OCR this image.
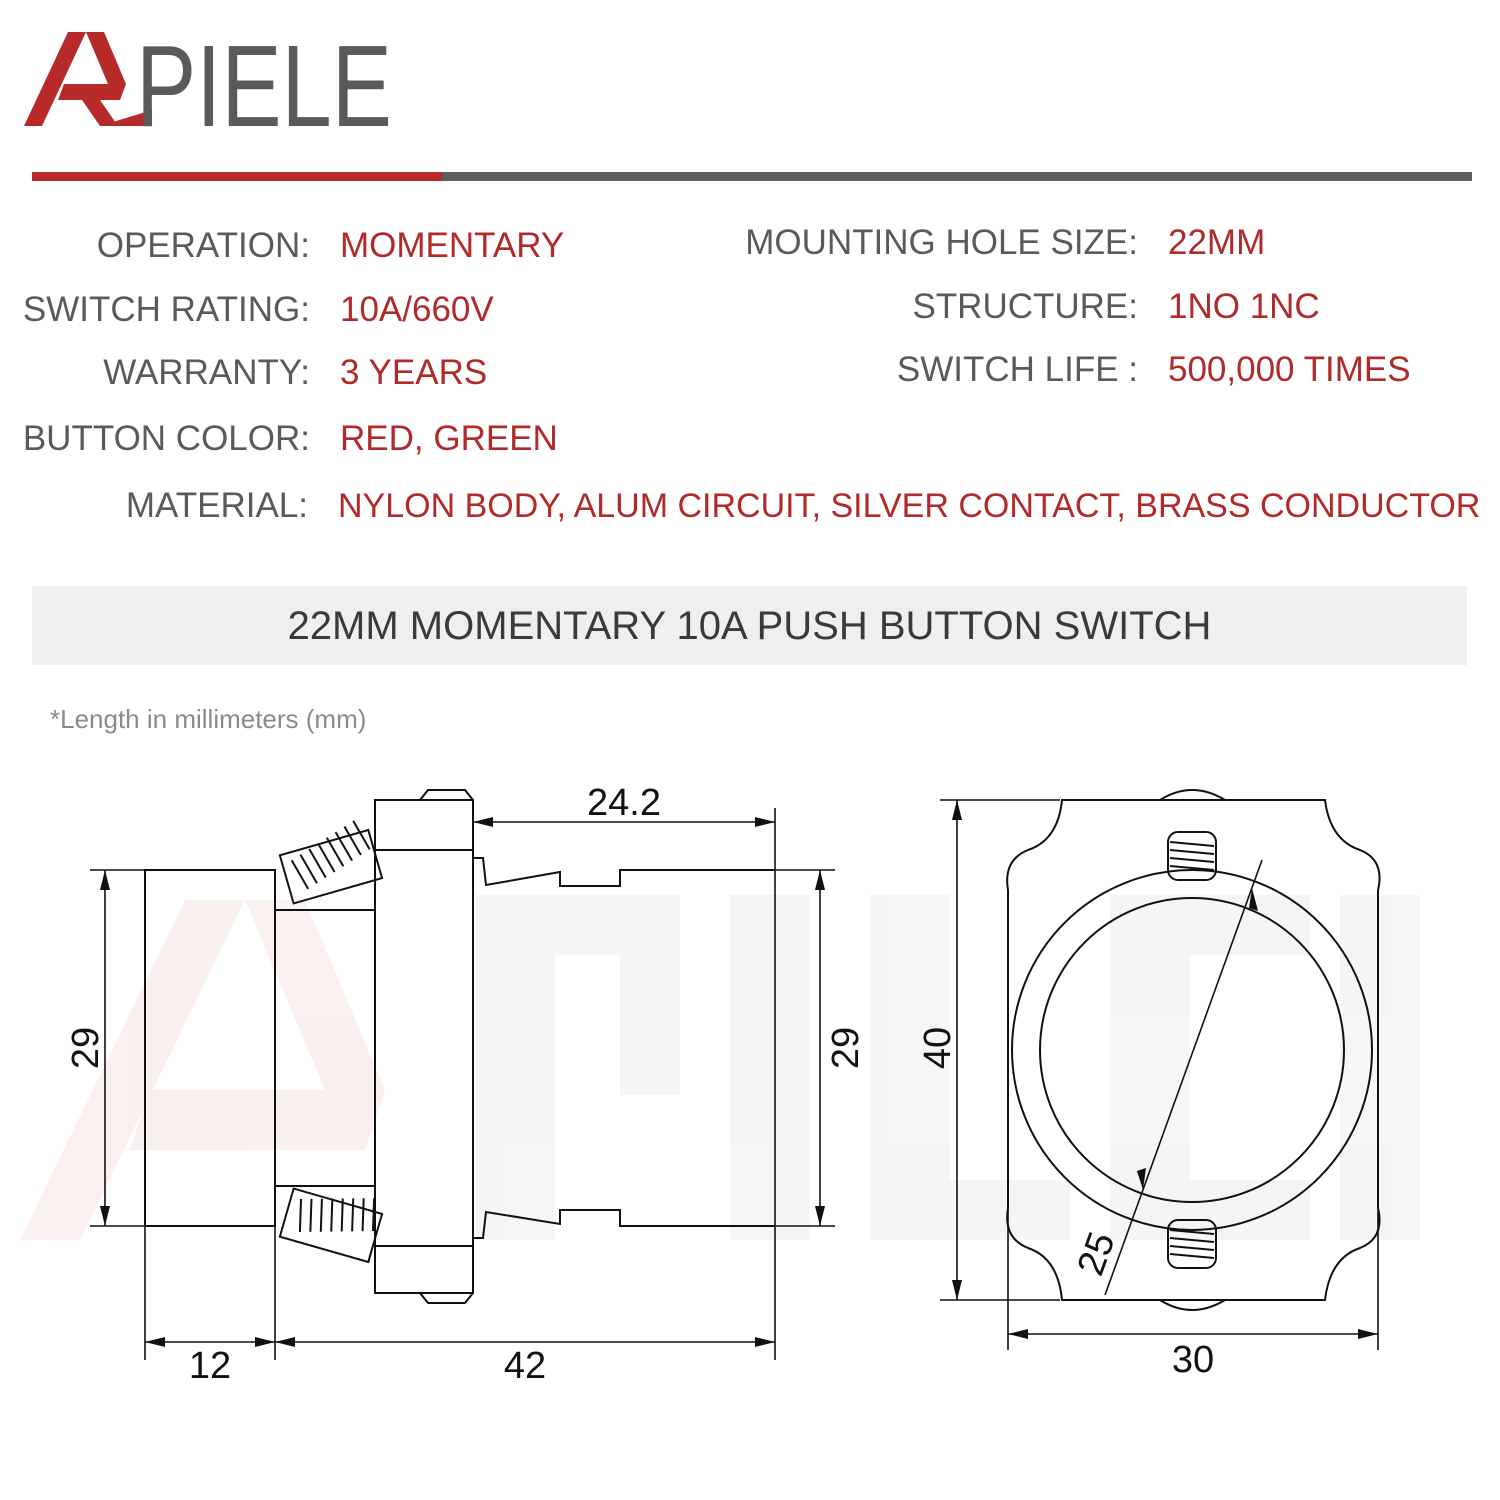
PIELE
OPERATION: MOMENTARY
SWITCH RATING: 10A/660V
WARRANTY: 3 YEARS
BUTTON COLOR: RED, GREEN
MATERIAL: NYLON BODY, ALUM CIRCUIT, SILVER CONTACT, BRASS CONDUCTOR
MOUNTING HOLE SIZE: 22MM
STRUCTURE: 1NO 1NC
SWITCH LIFE : 500,000 TIMES
22MM MOMENTARY 10A PUSH BUTTON SWITCH
*Length in millimeters (mm)
24.2
12	42
29	29 40
30
25
